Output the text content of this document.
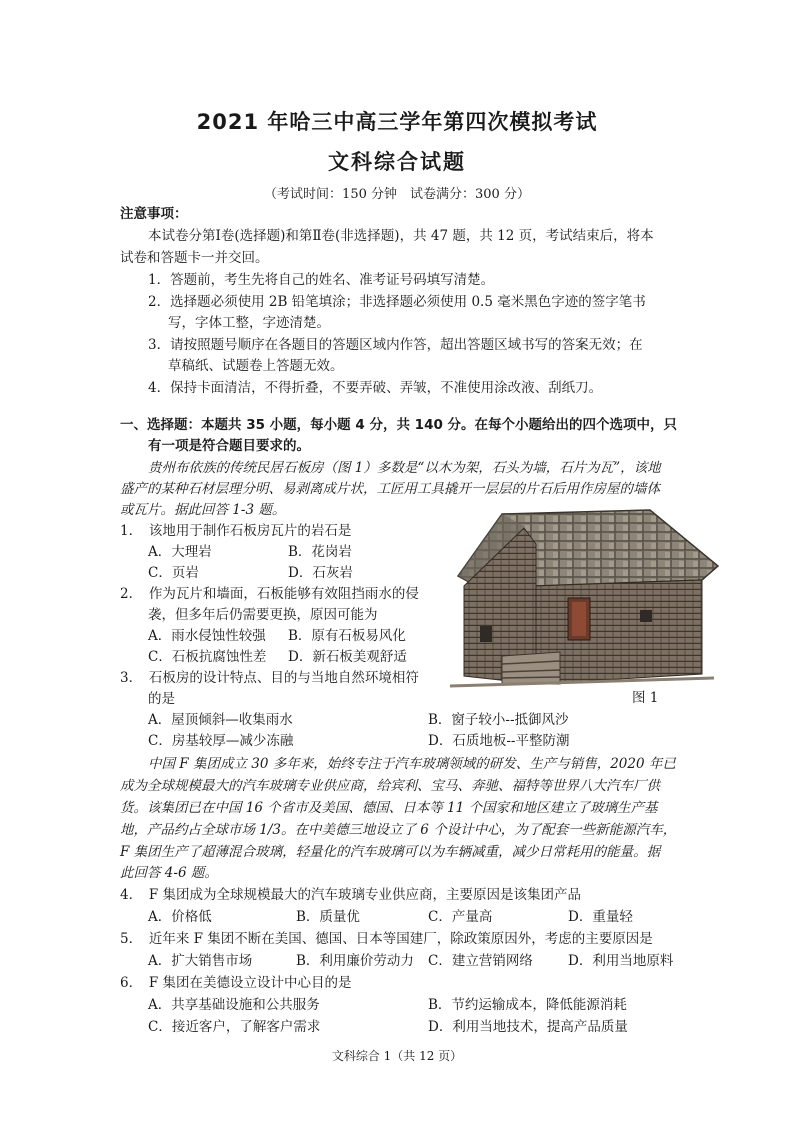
2021 年哈三中高三学年第四次模拟考试
文科综合试题
（考试时间：150 分钟　试卷满分：300 分）
注意事项：
本试卷分第Ⅰ卷(选择题)和第Ⅱ卷(非选择题)，共 47 题，共 12 页，考试结束后，将本
试卷和答题卡一并交回。
1．答题前，考生先将自己的姓名、准考证号码填写清楚。
2．选择题必须使用 2B 铅笔填涂；非选择题必须使用 0.5 毫米黑色字迹的签字笔书
写，字体工整，字迹清楚。
3．请按照题号顺序在各题目的答题区域内作答，超出答题区域书写的答案无效；在
草稿纸、试题卷上答题无效。
4．保持卡面清洁，不得折叠，不要弄破、弄皱，不准使用涂改液、刮纸刀。
一、选择题：本题共 35 小题，每小题 4 分，共 140 分。在每个小题给出的四个选项中，只
有一项是符合题目要求的。
贵州布依族的传统民居石板房（图 1）多数是“以木为架，石头为墙，石片为瓦”，该地
盛产的某种石材层理分明、易剥离成片状，工匠用工具撬开一层层的片石后用作房屋的墙体
或瓦片。据此回答 1-3 题。
1．　该地用于制作石板房瓦片的岩石是
A．大理岩	B．花岗岩
C．页岩	D．石灰岩
2．　作为瓦片和墙面，石板能够有效阻挡雨水的侵
袭，但多年后仍需要更换，原因可能为
A．雨水侵蚀性较强 B．原有石板易风化
C．石板抗腐蚀性差 D．新石板美观舒适
3．　石板房的设计特点、目的与当地自然环境相符
的是
A．屋顶倾斜—收集雨水	B．窗子较小--抵御风沙
C．房基较厚—减少冻融	D．石质地板--平整防潮
图 1
中国 F 集团成立 30 多年来，始终专注于汽车玻璃领域的研发、生产与销售，2020 年已
成为全球规模最大的汽车玻璃专业供应商，给宾利、宝马、奔驰、福特等世界八大汽车厂供
货。该集团已在中国 16 个省市及美国、德国、日本等 11 个国家和地区建立了玻璃生产基
地，产品约占全球市场 1/3。在中美德三地设立了 6 个设计中心，为了配套一些新能源汽车，
F 集团生产了超薄混合玻璃，轻量化的汽车玻璃可以为车辆减重，减少日常耗用的能量。据
此回答 4-6 题。
4．　F 集团成为全球规模最大的汽车玻璃专业供应商，主要原因是该集团产品
A．价格低	B．质量优	C．产量高	D．重量轻
5．　近年来 F 集团不断在美国、德国、日本等国建厂，除政策原因外，考虑的主要原因是
A．扩大销售市场	B．利用廉价劳动力 C．建立营销网络	D．利用当地原料
6．　F 集团在美德设立设计中心目的是
A．共享基础设施和公共服务	B．节约运输成本，降低能源消耗
C．接近客户，了解客户需求	D．利用当地技术，提高产品质量
文科综合 1（共 12 页）
